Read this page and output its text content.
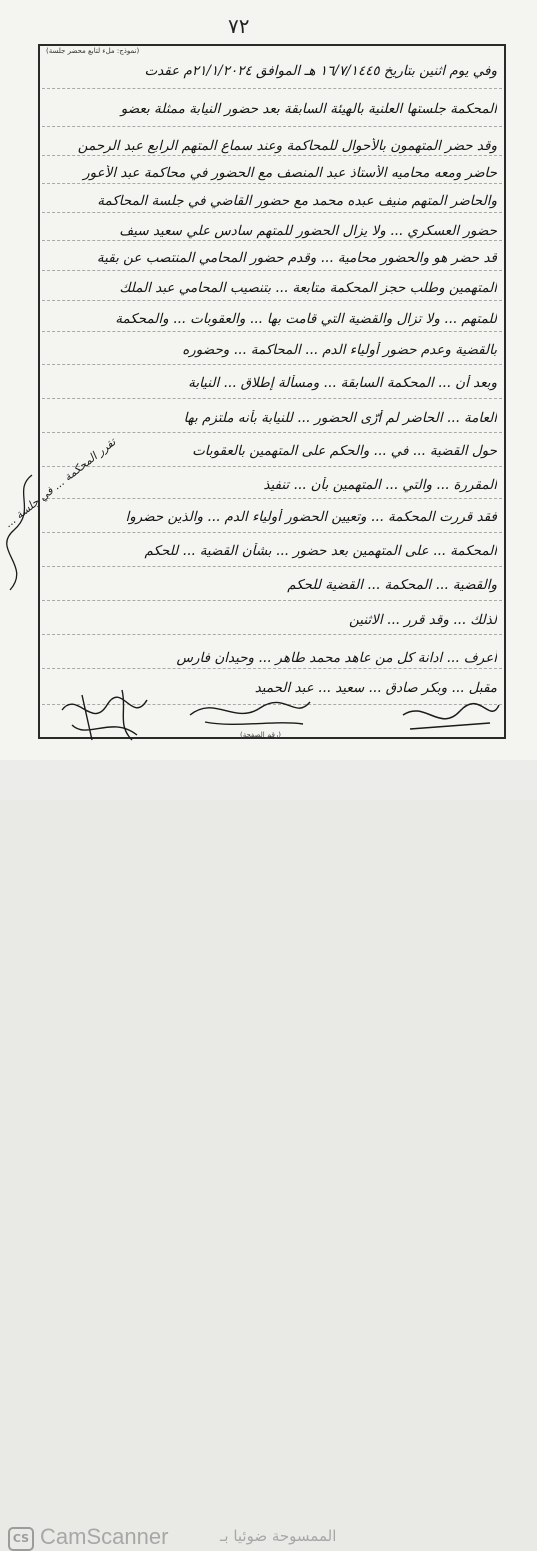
٧٢
(نموذج: ملء لتابع محضر جلسة)
وفي يوم اثنين بتاريخ ١٦/٧/١٤٤٥ هـ الموافق ٢١/١/٢٠٢٤م عقدت
المحكمة جلستها العلنية بالهيئة السابقة بعد حضور النيابة ممثلة بعضو
وقد حضر المتهمون بالأحوال للمحاكمة وعند سماع المتهم الرابع عبد الرحمن
حاضر ومعه محاميه الأستاذ عبد المنصف مع الحضور في محاكمة عبد الأعور
والحاضر المتهم منيف عبده محمد مع حضور القاضي في جلسة المحاكمة
حضور العسكري ... ولا يزال الحضور للمتهم سادس علي سعيد سيف
قد حضر هو والحضور محامية ... وقدم حضور المحامي المنتصب عن بقية
المتهمين وطلب حجز المحكمة متابعة ... بتنصيب المحامي عبد الملك
للمتهم ... ولا تزال والقضية التي قامت بها ... والعقوبات ... والمحكمة
بالقضية وعدم حضور أولياء الدم ... المحاكمة ... وحضوره
وبعد أن ... المحكمة السابقة ... ومسألة إطلاق ... النيابة
العامة ... الحاضر لم أرّى الحضور ... للنيابة بأنه ملتزم بها
حول القضية ... في ... والحكم على المتهمين بالعقوبات
المقررة ... والتي ... المتهمين بأن ... تنفيذ
فقد قررت المحكمة ... وتعيين الحضور أولياء الدم ... والذين حضروا
المحكمة ... على المتهمين بعد حضور ... بشأن القضية ... للحكم
والقضية ... المحكمة ... القضية للحكم
لذلك ... وقد قرر ... الاثنين
أعرف ... ادانة كل من عاهد محمد طاهر ... وحيدان فارس
مقبل ... وبكر صادق ... سعيد ... عبد الحميد
تقرر المحكمة ... في جلسة ...
(رقم الصفحة)
CS CamScanner	الممسوحة ضوئيا بـ
